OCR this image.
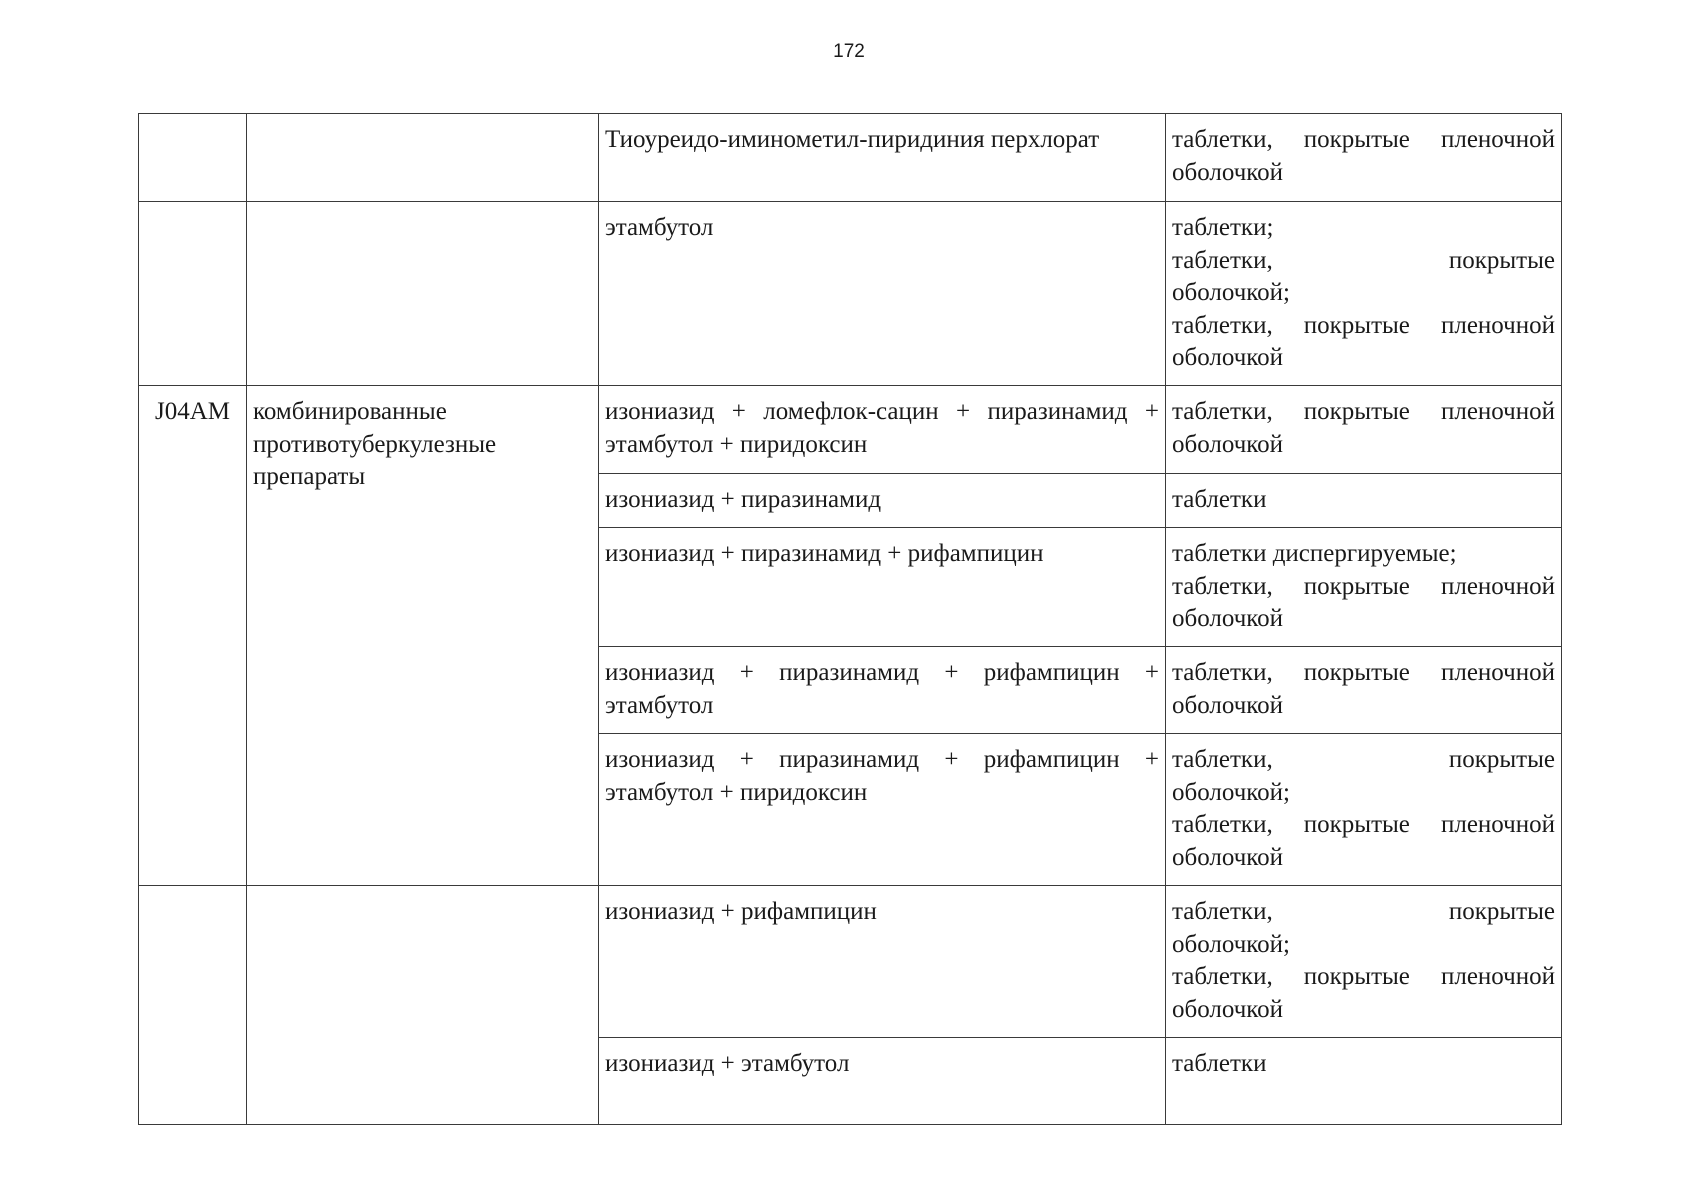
172
		Тиоуреидо-иминометил-пиридиния перхлорат	таблетки, покрытые пленочной оболочкой

		этамбутол	таблетки;
таблетки, покрытые
оболочкой;
таблетки, покрытые пленочной оболочкой

J04AM	комбинированные противотуберкулезные препараты	изониазид + ломефлок-сацин + пиразинамид + этамбутол + пиридоксин	таблетки, покрытые пленочной оболочкой

		изониазид + пиразинамид	таблетки

		изониазид + пиразинамид + рифампицин	таблетки диспергируемые;
таблетки, покрытые пленочной оболочкой

		изониазид + пиразинамид + рифампицин + этамбутол	таблетки, покрытые пленочной оболочкой

		изониазид + пиразинамид + рифампицин + этамбутол + пиридоксин	таблетки, покрытые
оболочкой;
таблетки, покрытые пленочной оболочкой

		изониазид + рифампицин	таблетки, покрытые
оболочкой;
таблетки, покрытые пленочной оболочкой

		изониазид + этамбутол	таблетки
